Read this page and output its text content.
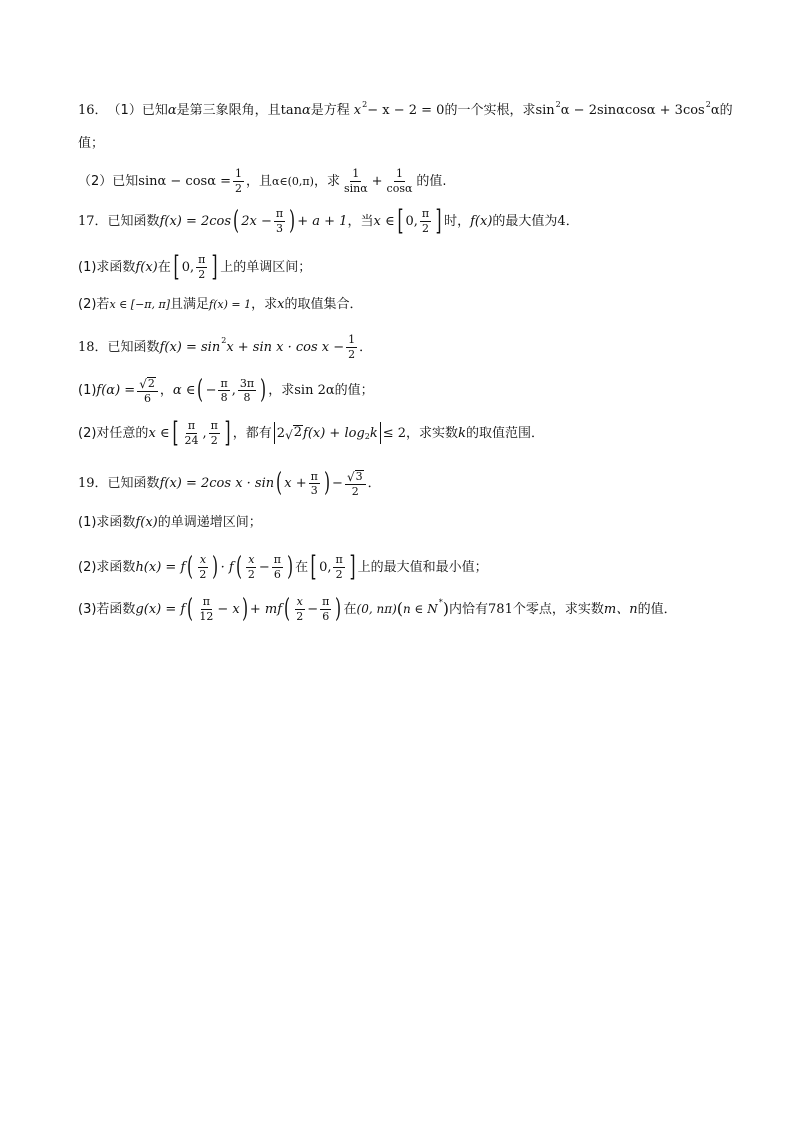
16． （1） 已知 α 是第三象限角，且 tan α 是方程 x 2 − x − 2 = 0 的一个实根，求 sin 2 α − 2sinαcosα + 3cos 2 α 的
值；
（2） 已知 $\sin\alpha - \cos\alpha = \frac{1}{2}$ ，且 α∈(0,π) ，求 $\frac{1}{\sin\alpha} + \frac{1}{\cos\alpha}$ 的值.
17． 已知函数 f(x) = 2cos ( $2x - \frac{\pi}{3}$ ) + a + 1 ，当 x ∈ [ 0, $\frac{\pi}{2}$ ] 时， f(x) 的最大值为 4 ．
(1) 求函数 f(x) 在 [ 0, $\frac{\pi}{2}$ ] 上的单调区间；
(2) 若 x ∈ [−π, π] 且满足 f(x) = 1 ，求 x 的取值集合．
18． 已知函数 f(x) = sin 2 $x + \sin x \cdot \cos x - \frac{1}{2}$ ．
(1) $f(\alpha) = \frac{√ 2}{6}$ ， α ∈ ( − $\frac{\pi}{8}$ , $\frac{3\pi}{8}$ ) ，求 sin 2α 的值；
(2) 对任意的 x ∈ [ $\frac{\pi}{24}$ , $\frac{\pi}{2}$ ] ，都有 2 √ 2 f(x) + log 2 k ≤ 2 ，求实数 k 的取值范围．
19． 已知函数 f(x) = 2cos x · sin ( $x + \frac{\pi}{3}$ ) − $\frac{√ 3}{2}$ ．
(1) 求函数 f(x) 的单调递增区间；
(2) 求函数 h(x) = f ( $\frac{x}{2}$ ) · f ( $\frac{x}{2} - \frac{\pi}{6}$ ) 在 [ 0, $\frac{\pi}{2}$ ] 上的最大值和最小值；
(3) 若函数 g(x) = f ( $\frac{\pi}{12} - x$ ) + mf ( $\frac{x}{2} - \frac{\pi}{6}$ ) 在 (0, nπ) ( n ∈ N * ) 内恰有 781 个零点，求实数 m、n 的值．
